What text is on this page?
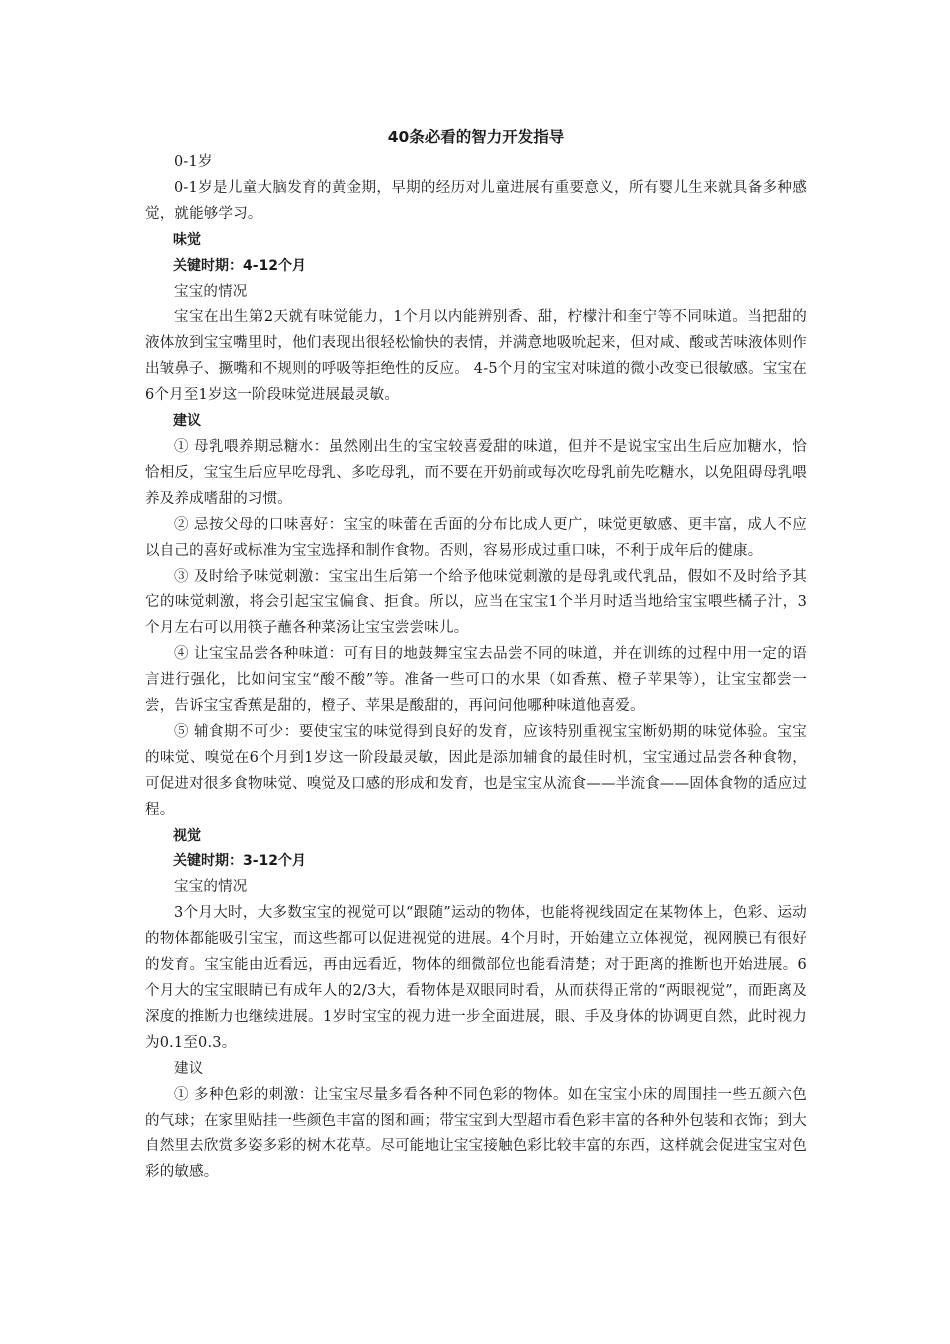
40条必看的智力开发指导
0-1岁
0-1岁是儿童大脑发育的黄金期，早期的经历对儿童进展有重要意义，所有婴儿生来就具备多种感觉，就能够学习。
味觉
关键时期：4-12个月
宝宝的情况
宝宝在出生第2天就有味觉能力，1个月以内能辨别香、甜，柠檬汁和奎宁等不同味道。当把甜的液体放到宝宝嘴里时，他们表现出很轻松愉快的表情，并满意地吸吮起来，但对咸、酸或苦味液体则作出皱鼻子、撅嘴和不规则的呼吸等拒绝性的反应。 4-5个月的宝宝对味道的微小改变已很敏感。宝宝在6个月至1岁这一阶段味觉进展最灵敏。
建议
① 母乳喂养期忌糖水：虽然刚出生的宝宝较喜爱甜的味道，但并不是说宝宝出生后应加糖水，恰恰相反，宝宝生后应早吃母乳、多吃母乳，而不要在开奶前或每次吃母乳前先吃糖水，以免阻碍母乳喂养及养成嗜甜的习惯。
② 忌按父母的口味喜好：宝宝的味蕾在舌面的分布比成人更广，味觉更敏感、更丰富，成人不应以自己的喜好或标准为宝宝选择和制作食物。否则，容易形成过重口味，不利于成年后的健康。
③ 及时给予味觉刺激：宝宝出生后第一个给予他味觉刺激的是母乳或代乳品，假如不及时给予其它的味觉刺激，将会引起宝宝偏食、拒食。所以，应当在宝宝1个半月时适当地给宝宝喂些橘子汁，3个月左右可以用筷子蘸各种菜汤让宝宝尝尝味儿。
④ 让宝宝品尝各种味道：可有目的地鼓舞宝宝去品尝不同的味道，并在训练的过程中用一定的语言进行强化，比如问宝宝“酸不酸”等。准备一些可口的水果（如香蕉、橙子苹果等），让宝宝都尝一尝，告诉宝宝香蕉是甜的，橙子、苹果是酸甜的，再问问他哪种味道他喜爱。
⑤ 辅食期不可少：要使宝宝的味觉得到良好的发育，应该特别重视宝宝断奶期的味觉体验。宝宝的味觉、嗅觉在6个月到1岁这一阶段最灵敏，因此是添加辅食的最佳时机，宝宝通过品尝各种食物，可促进对很多食物味觉、嗅觉及口感的形成和发育，也是宝宝从流食——半流食——固体食物的适应过程。
视觉
关键时期：3-12个月
宝宝的情况
3个月大时，大多数宝宝的视觉可以“跟随”运动的物体，也能将视线固定在某物体上，色彩、运动的物体都能吸引宝宝，而这些都可以促进视觉的进展。4个月时，开始建立立体视觉，视网膜已有很好的发育。宝宝能由近看远，再由远看近，物体的细微部位也能看清楚；对于距离的推断也开始进展。6个月大的宝宝眼睛已有成年人的2/3大，看物体是双眼同时看，从而获得正常的“两眼视觉”，而距离及深度的推断力也继续进展。1岁时宝宝的视力进一步全面进展，眼、手及身体的协调更自然，此时视力为0.1至0.3。
建议
① 多种色彩的刺激：让宝宝尽量多看各种不同色彩的物体。如在宝宝小床的周围挂一些五颜六色的气球；在家里贴挂一些颜色丰富的图和画；带宝宝到大型超市看色彩丰富的各种外包装和衣饰；到大自然里去欣赏多姿多彩的树木花草。尽可能地让宝宝接触色彩比较丰富的东西，这样就会促进宝宝对色彩的敏感。
